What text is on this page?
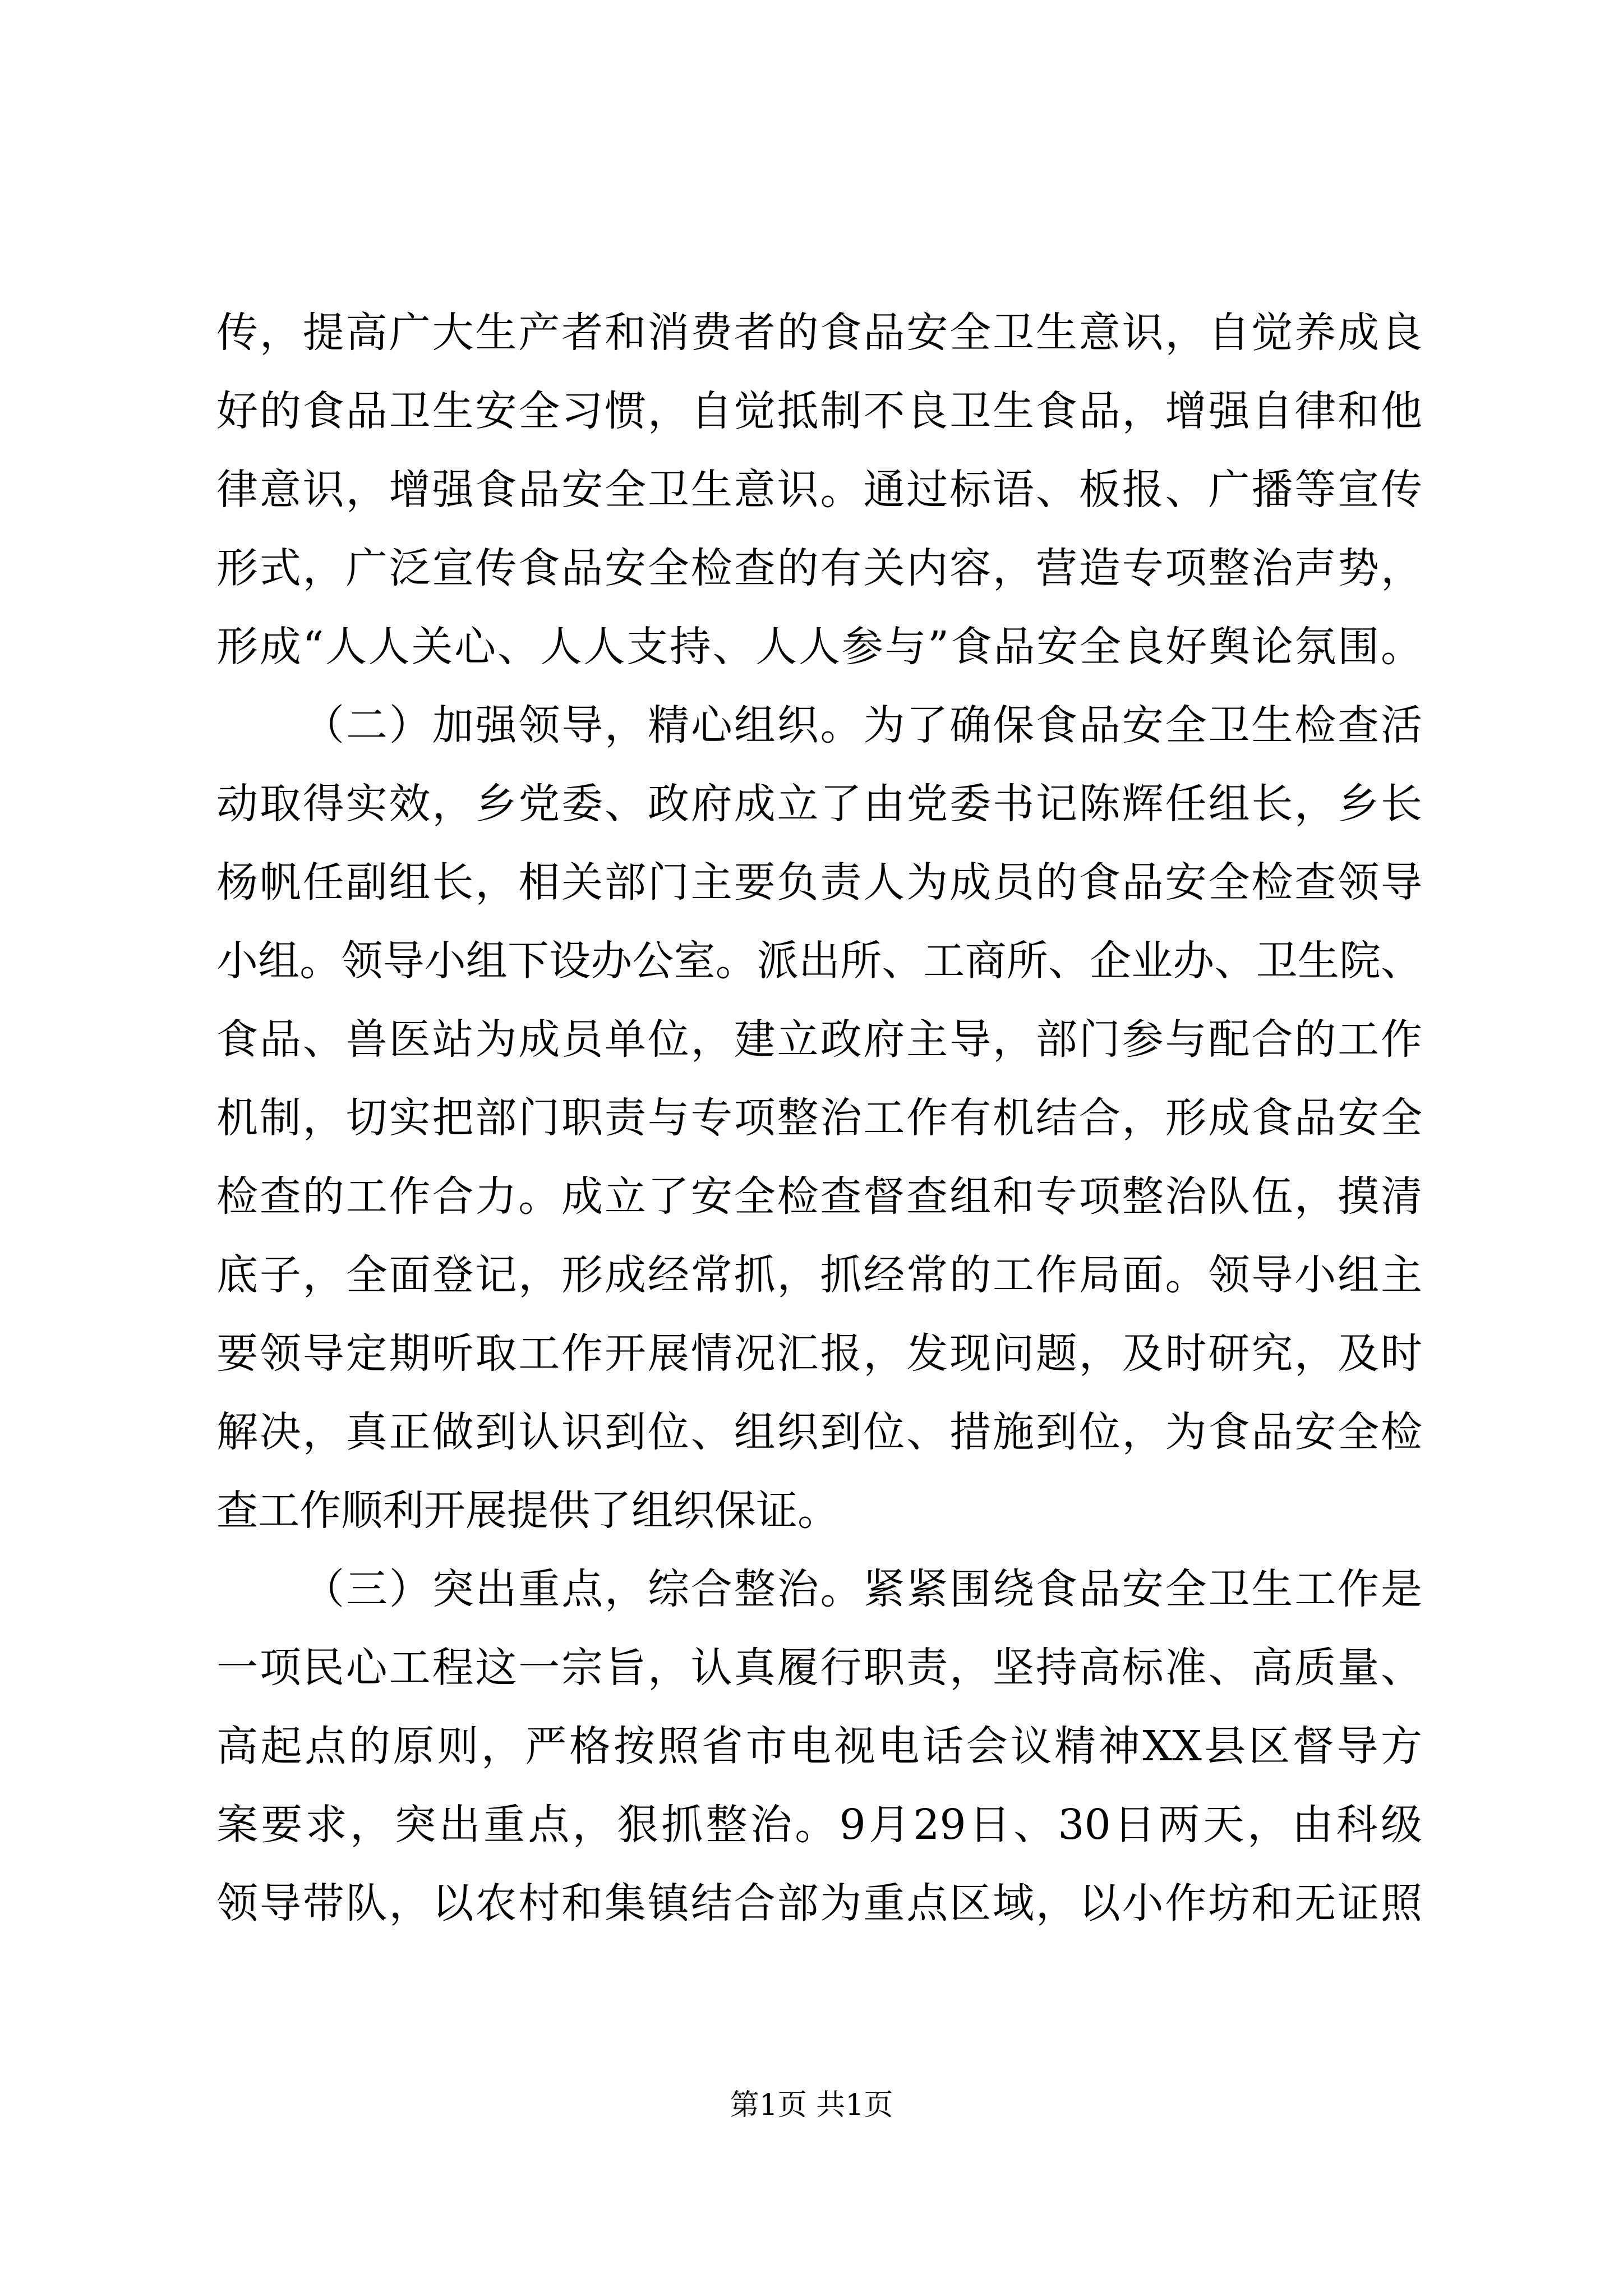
传，提高广大生产者和消费者的食品安全卫生意识，自觉养成良
好的食品卫生安全习惯，自觉抵制不良卫生食品，增强自律和他
律意识，增强食品安全卫生意识。通过标语、板报、广播等宣传
形式，广泛宣传食品安全检查的有关内容，营造专项整治声势，
形成“人人关心、人人支持、人人参与”食品安全良好舆论氛围。
（二）加强领导，精心组织。为了确保食品安全卫生检查活
动取得实效，乡党委、政府成立了由党委书记陈辉任组长，乡长
杨帆任副组长，相关部门主要负责人为成员的食品安全检查领导
小组。领导小组下设办公室。派出所、工商所、企业办、卫生院、
食品、兽医站为成员单位，建立政府主导，部门参与配合的工作
机制，切实把部门职责与专项整治工作有机结合，形成食品安全
检查的工作合力。成立了安全检查督查组和专项整治队伍，摸清
底子，全面登记，形成经常抓，抓经常的工作局面。领导小组主
要领导定期听取工作开展情况汇报，发现问题，及时研究，及时
解决，真正做到认识到位、组织到位、措施到位，为食品安全检
查工作顺利开展提供了组织保证。
（三）突出重点，综合整治。紧紧围绕食品安全卫生工作是
一项民心工程这一宗旨，认真履行职责，坚持高标准、高质量、
高起点的原则，严格按照省市电视电话会议精神XX县区督导方
案要求，突出重点，狠抓整治。9月29日、30日两天，由科级
领导带队，以农村和集镇结合部为重点区域，以小作坊和无证照
第1页 共1页
